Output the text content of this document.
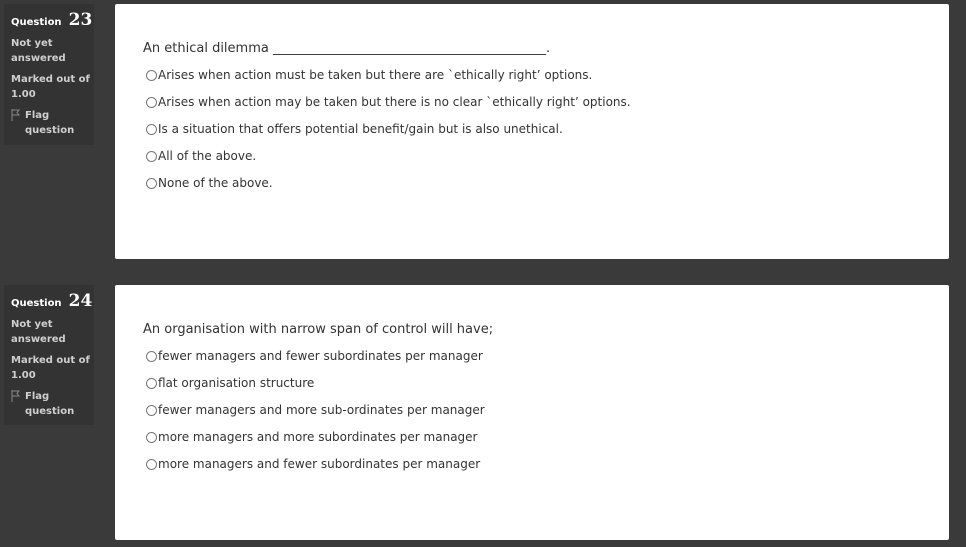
Question 23
Not yet answered
Marked out of 1.00
Flag question
An ethical dilemma __________________________________________.
Arises when action must be taken but there are `ethically right’ options.
Arises when action may be taken but there is no clear `ethically right’ options.
Is a situation that offers potential benefit/gain but is also unethical.
All of the above.
None of the above.
Question 24
Not yet answered
Marked out of 1.00
Flag question
An organisation with narrow span of control will have;
fewer managers and fewer subordinates per manager
flat organisation structure
fewer managers and more sub-ordinates per manager
more managers and more subordinates per manager
more managers and fewer subordinates per manager
